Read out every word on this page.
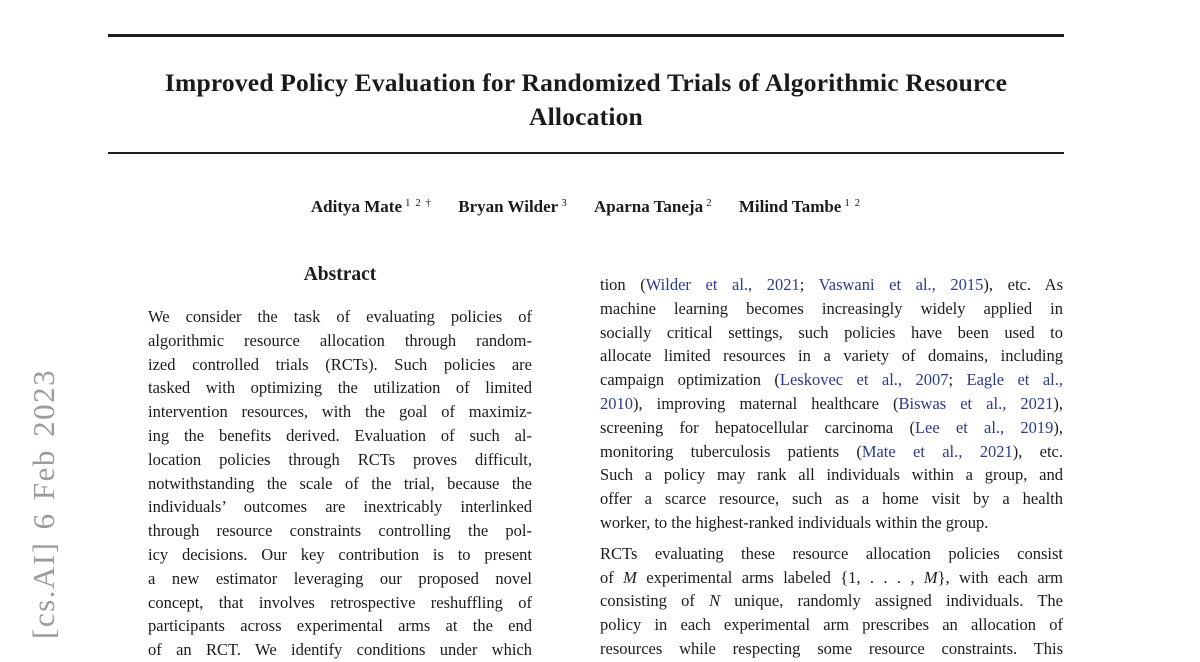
Improved Policy Evaluation for Randomized Trials of Algorithmic Resource
Allocation
Aditya Mate $^{1 2 \dagger}$ Bryan Wilder $^3$ Aparna Taneja $^2$ Milind Tambe $^{1 2}$
Abstract
We consider the task of evaluating policies of
algorithmic resource allocation through random-
ized controlled trials (RCTs). Such policies are
tasked with optimizing the utilization of limited
intervention resources, with the goal of maximiz-
ing the benefits derived. Evaluation of such al-
location policies through RCTs proves difficult,
notwithstanding the scale of the trial, because the
individuals’ outcomes are inextricably interlinked
through resource constraints controlling the pol-
icy decisions. Our key contribution is to present
a new estimator leveraging our proposed novel
concept, that involves retrospective reshuffling of
participants across experimental arms at the end
of an RCT. We identify conditions under which
tion (Wilder et al., 2021; Vaswani et al., 2015), etc. As
machine learning becomes increasingly widely applied in
socially critical settings, such policies have been used to
allocate limited resources in a variety of domains, including
campaign optimization (Leskovec et al., 2007; Eagle et al.,
2010), improving maternal healthcare (Biswas et al., 2021),
screening for hepatocellular carcinoma (Lee et al., 2019),
monitoring tuberculosis patients (Mate et al., 2021), etc.
Such a policy may rank all individuals within a group, and
offer a scarce resource, such as a home visit by a health
worker, to the highest-ranked individuals within the group.
RCTs evaluating these resource allocation policies consist
of M experimental arms labeled {1, . . . , M}, with each arm
consisting of N unique, randomly assigned individuals. The
policy in each experimental arm prescribes an allocation of
resources while respecting some resource constraints. This
[cs.AI] 6 Feb 2023
